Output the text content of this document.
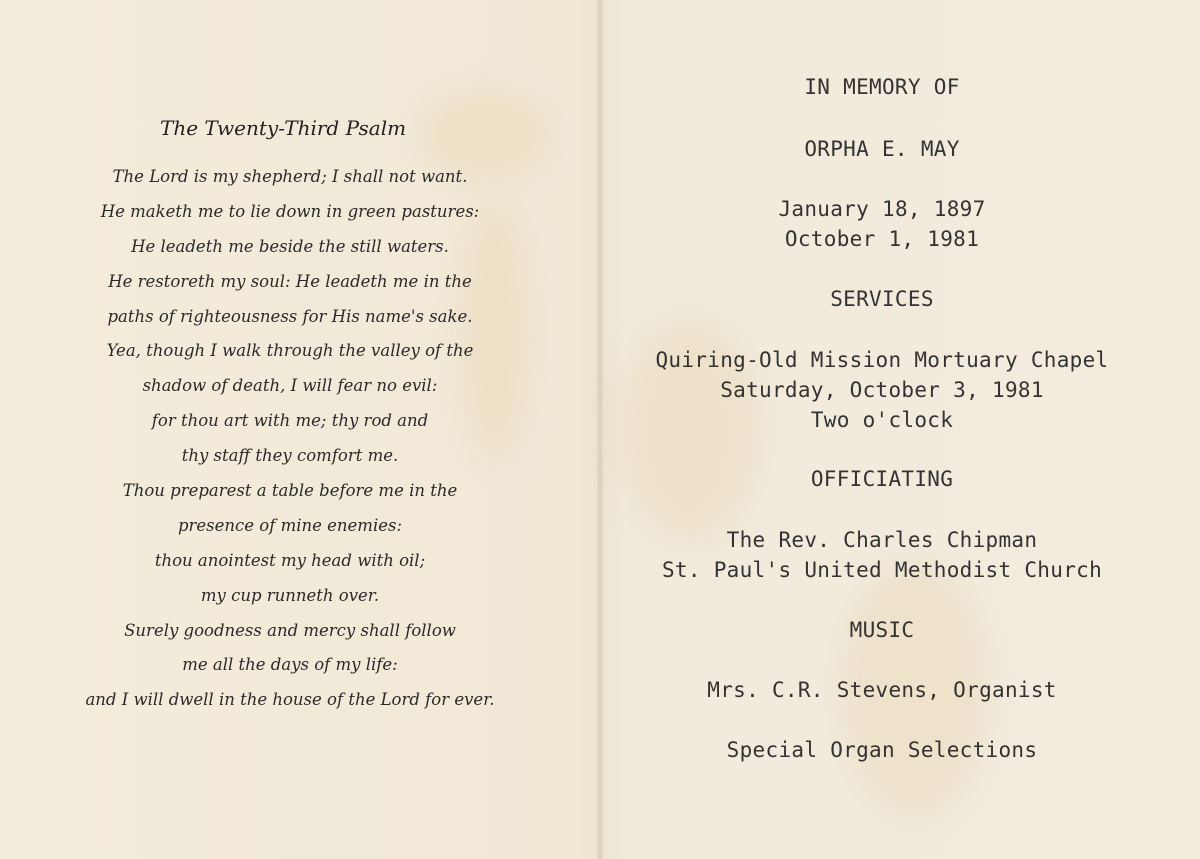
The Twenty-Third Psalm
The Lord is my shepherd; I shall not want.
He maketh me to lie down in green pastures:
He leadeth me beside the still waters.
He restoreth my soul: He leadeth me in the
paths of righteousness for His name's sake.
Yea, though I walk through the valley of the
shadow of death, I will fear no evil:
for thou art with me; thy rod and
thy staff they comfort me.
Thou preparest a table before me in the
presence of mine enemies:
thou anointest my head with oil;
my cup runneth over.
Surely goodness and mercy shall follow
me all the days of my life:
and I will dwell in the house of the Lord for ever.
IN MEMORY OF
ORPHA E. MAY
January 18, 1897
October 1, 1981
SERVICES
Quiring-Old Mission Mortuary Chapel
Saturday, October 3, 1981
Two o'clock
OFFICIATING
The Rev. Charles Chipman
St. Paul's United Methodist Church
MUSIC
Mrs. C.R. Stevens, Organist
Special Organ Selections
